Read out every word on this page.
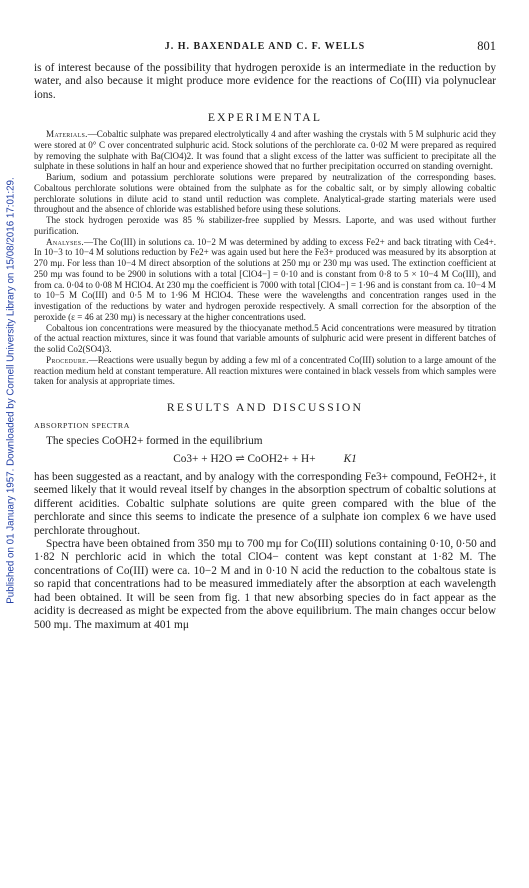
J. H. BAXENDALE AND C. F. WELLS	801
Published on 01 January 1957. Downloaded by Cornell University Library on 15/08/2016 17:01:29.

is of interest because of the possibility that hydrogen peroxide is an intermediate in the reduction by water, and also because it might produce more evidence for the reactions of Co(III) via polynuclear ions.

EXPERIMENTAL

Materials.—Cobaltic sulphate was prepared electrolytically 4 and after washing the crystals with 5 M sulphuric acid they were stored at 0° C over concentrated sulphuric acid. Stock solutions of the perchlorate ca. 0·02 M were prepared as required by removing the sulphate with Ba(ClO4)2. It was found that a slight excess of the latter was sufficient to precipitate all the sulphate in these solutions in half an hour and experience showed that no further precipitation occurred on standing overnight.

Barium, sodium and potassium perchlorate solutions were prepared by neutralization of the corresponding bases. Cobaltous perchlorate solutions were obtained from the sulphate as for the cobaltic salt, or by simply allowing cobaltic perchlorate solutions in dilute acid to stand until reduction was complete. Analytical-grade starting materials were used throughout and the absence of chloride was established before using these solutions.

The stock hydrogen peroxide was 85 % stabilizer-free supplied by Messrs. Laporte, and was used without further purification.

Analyses.—The Co(III) in solutions ca. 10−2 M was determined by adding to excess Fe2+ and back titrating with Ce4+. In 10−3 to 10−4 M solutions reduction by Fe2+ was again used but here the Fe3+ produced was measured by its absorption at 270 mμ. For less than 10−4 M direct absorption of the solutions at 250 mμ or 230 mμ was used. The extinction coefficient at 250 mμ was found to be 2900 in solutions with a total [ClO4−] = 0·10 and is constant from 0·8 to 5 × 10−4 M Co(III), and from ca. 0·04 to 0·08 M HClO4. At 230 mμ the coefficient is 7000 with total [ClO4−] = 1·96 and is constant from ca. 10−4 M to 10−5 M Co(III) and 0·5 M to 1·96 M HClO4. These were the wavelengths and concentration ranges used in the investigation of the reductions by water and hydrogen peroxide respectively. A small correction for the absorption of the peroxide (ε = 46 at 230 mμ) is necessary at the higher concentrations used.

Cobaltous ion concentrations were measured by the thiocyanate method.5 Acid concentrations were measured by titration of the actual reaction mixtures, since it was found that variable amounts of sulphuric acid were present in different batches of the solid Co2(SO4)3.

Procedure.—Reactions were usually begun by adding a few ml of a concentrated Co(III) solution to a large amount of the reaction medium held at constant temperature. All reaction mixtures were contained in black vessels from which samples were taken for analysis at appropriate times.

RESULTS AND DISCUSSION
ABSORPTION SPECTRA

The species CoOH2+ formed in the equilibrium

Co3+ + H2O ⇌ CoOH2+ + H+ K1

has been suggested as a reactant, and by analogy with the corresponding Fe3+ compound, FeOH2+, it seemed likely that it would reveal itself by changes in the absorption spectrum of cobaltic solutions at different acidities. Cobaltic sulphate solutions are quite green compared with the blue of the perchlorate and since this seems to indicate the presence of a sulphate ion complex 6 we have used perchlorate throughout.

Spectra have been obtained from 350 mμ to 700 mμ for Co(III) solutions containing 0·10, 0·50 and 1·82 N perchloric acid in which the total ClO4− content was kept constant at 1·82 M. The concentrations of Co(III) were ca. 10−2 M and in 0·10 N acid the reduction to the cobaltous state is so rapid that concentrations had to be measured immediately after the absorption at each wavelength had been obtained. It will be seen from fig. 1 that new absorbing species do in fact appear as the acidity is decreased as might be expected from the above equilibrium. The main changes occur below 500 mμ. The maximum at 401 mμ
